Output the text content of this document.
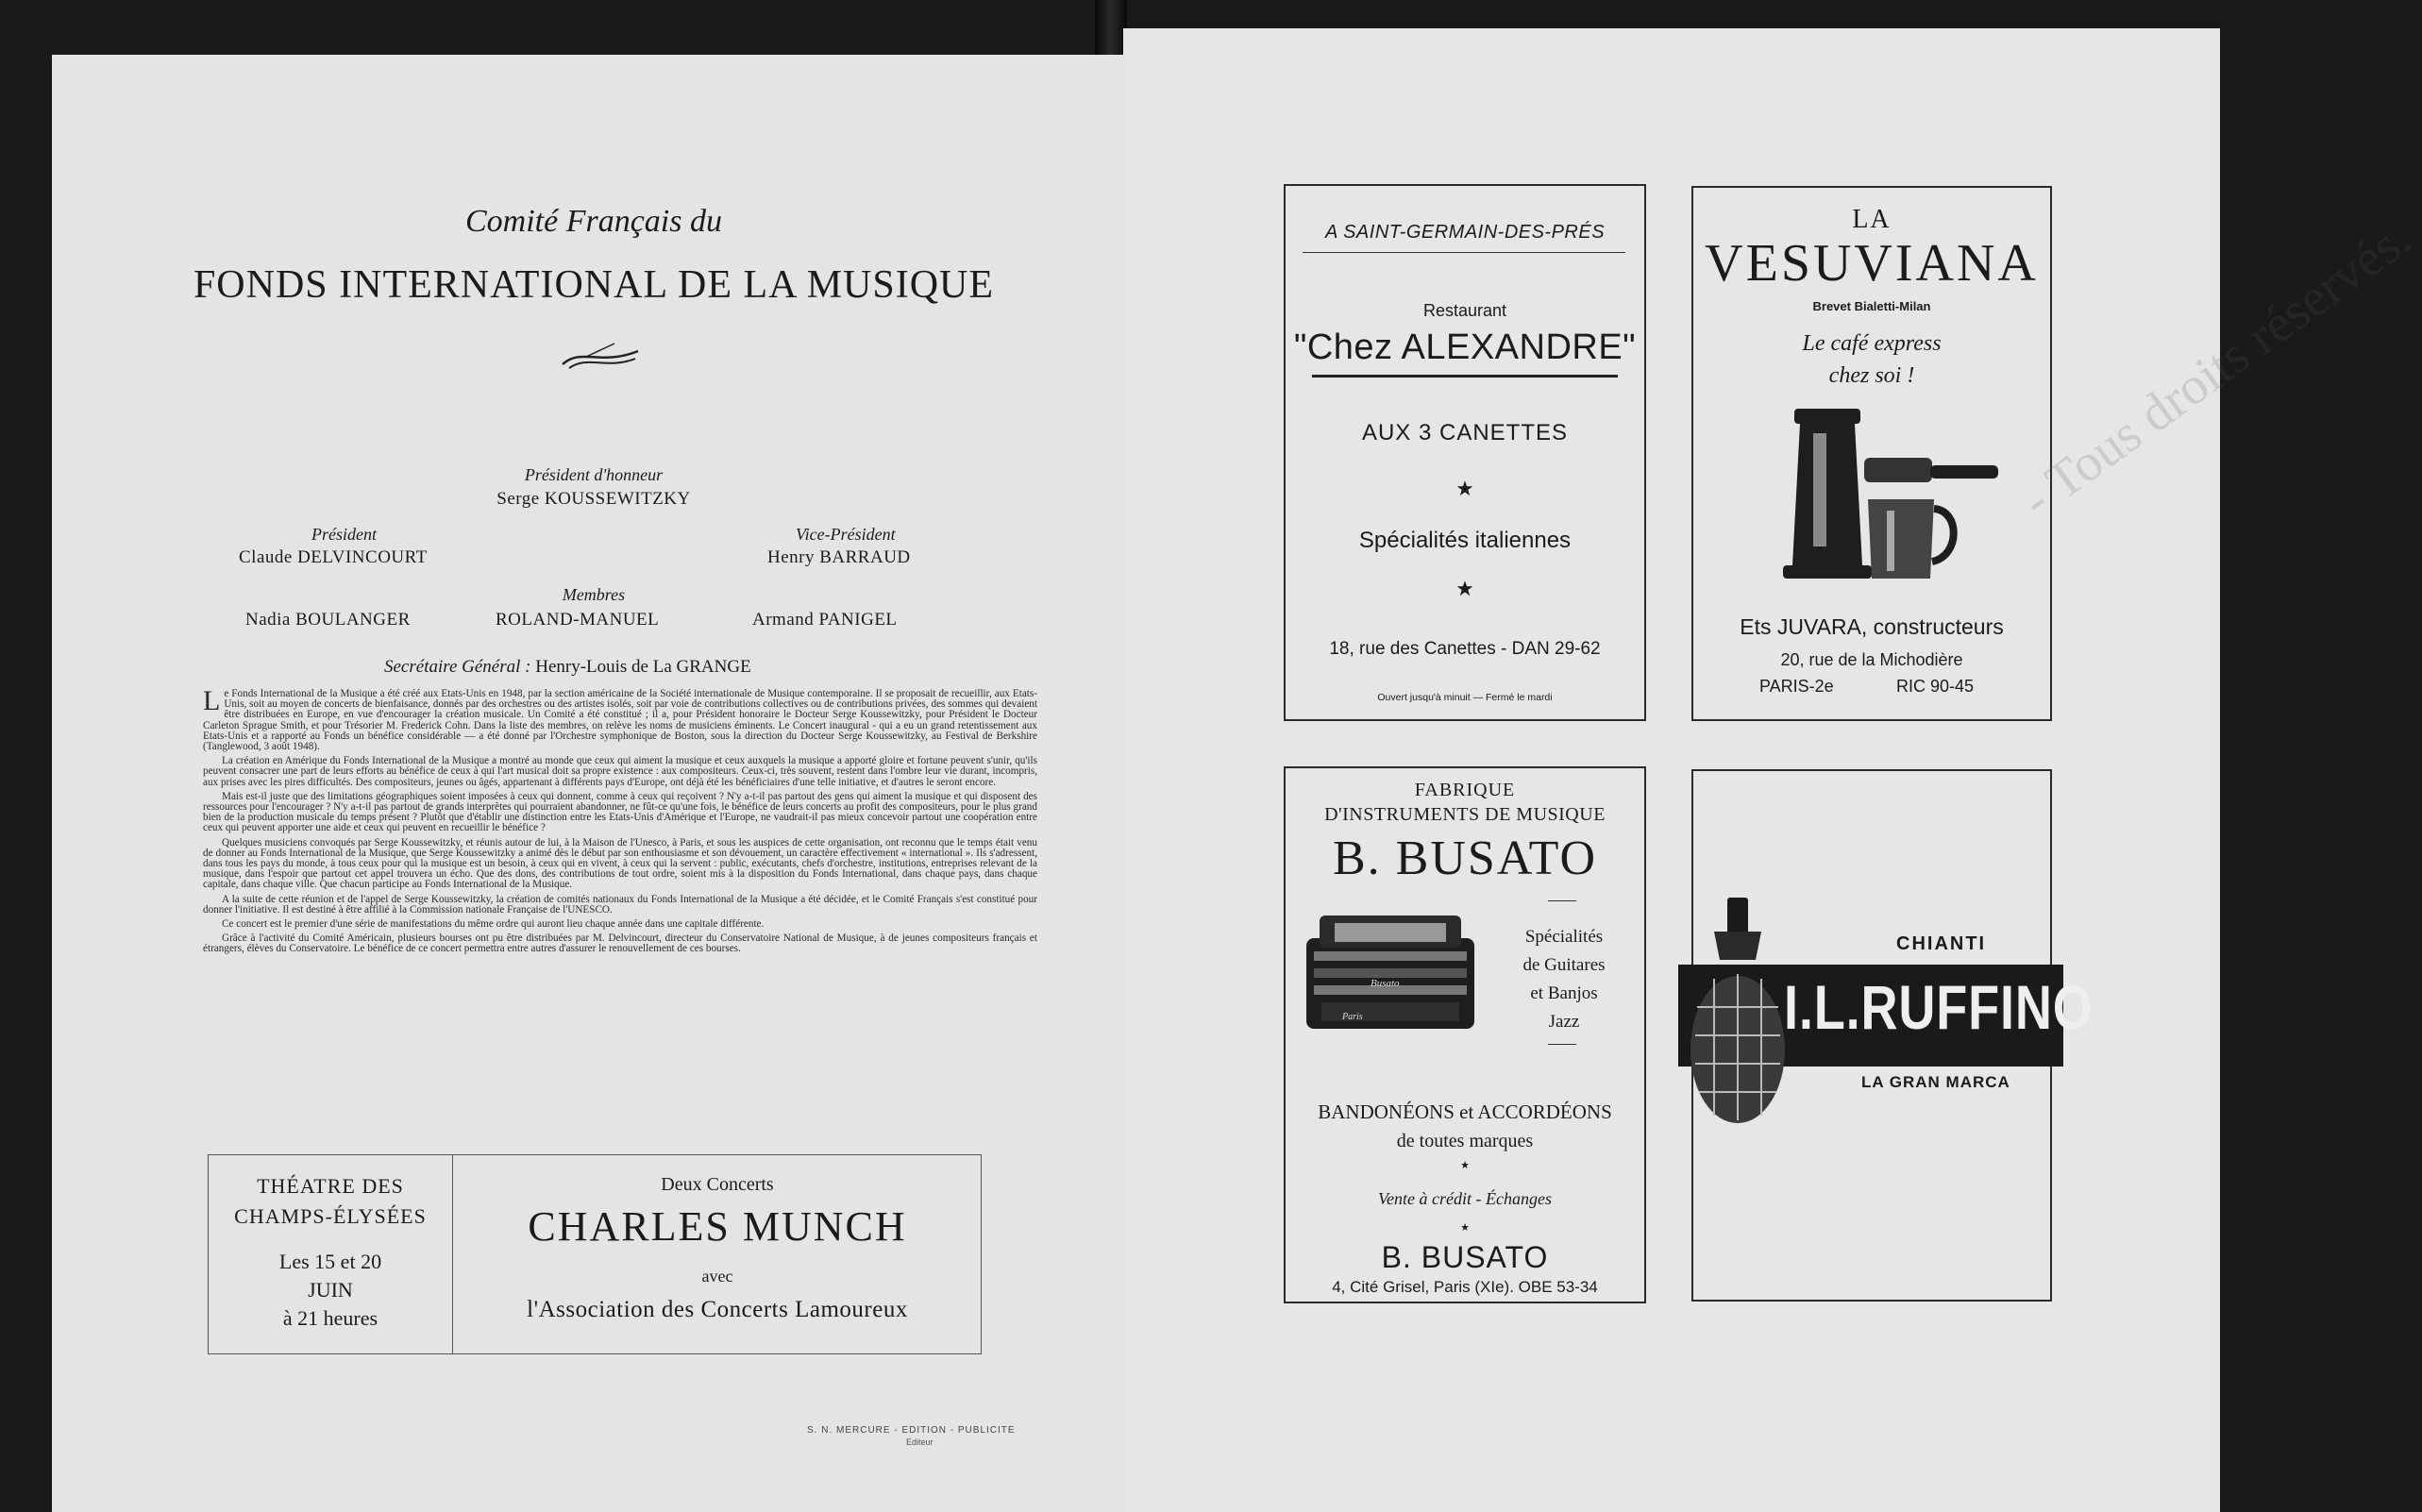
Comité Français du
FONDS INTERNATIONAL DE LA MUSIQUE
Président d'honneur
Serge KOUSSEWITZKY
Président
Claude DELVINCOURT
Vice-Président
Henry BARRAUD
Membres
Nadia BOULANGER	ROLAND-MANUEL	Armand PANIGEL
Secrétaire Général : Henry-Louis de La GRANGE

Le Fonds International de la Musique a été créé aux Etats-Unis en 1948, par la section américaine de la Société internationale de Musique contemporaine. Il se proposait de recueillir, aux Etats-Unis, soit au moyen de concerts de bienfaisance, donnés par des orchestres ou des artistes isolés, soit par voie de contributions collectives ou de contributions privées, des sommes qui devaient être distribuées en Europe, en vue d'encourager la création musicale. Un Comité a été constitué ; il a, pour Président honoraire le Docteur Serge Koussewitzky, pour Président le Docteur Carleton Sprague Smith, et pour Trésorier M. Frederick Cohn. Dans la liste des membres, on relève les noms de musiciens éminents. Le Concert inaugural - qui a eu un grand retentissement aux Etats-Unis et a rapporté au Fonds un bénéfice considérable — a été donné par l'Orchestre symphonique de Boston, sous la direction du Docteur Serge Koussewitzky, au Festival de Berkshire (Tanglewood, 3 août 1948).

La création en Amérique du Fonds International de la Musique a montré au monde que ceux qui aiment la musique et ceux auxquels la musique a apporté gloire et fortune peuvent s'unir, qu'ils peuvent consacrer une part de leurs efforts au bénéfice de ceux à qui l'art musical doit sa propre existence : aux compositeurs. Ceux-ci, très souvent, restent dans l'ombre leur vie durant, incompris, aux prises avec les pires difficultés. Des compositeurs, jeunes ou âgés, appartenant à différents pays d'Europe, ont déjà été les bénéficiaires d'une telle initiative, et d'autres le seront encore.

Mais est-il juste que des limitations géographiques soient imposées à ceux qui donnent, comme à ceux qui reçoivent ? N'y a-t-il pas partout des gens qui aiment la musique et qui disposent des ressources pour l'encourager ? N'y a-t-il pas partout de grands interprètes qui pourraient abandonner, ne fût-ce qu'une fois, le bénéfice de leurs concerts au profit des compositeurs, pour le plus grand bien de la production musicale du temps présent ? Plutôt que d'établir une distinction entre les Etats-Unis d'Amérique et l'Europe, ne vaudrait-il pas mieux concevoir partout une coopération entre ceux qui peuvent apporter une aide et ceux qui peuvent en recueillir le bénéfice ?

Quelques musiciens convoqués par Serge Koussewitzky, et réunis autour de lui, à la Maison de l'Unesco, à Paris, et sous les auspices de cette organisation, ont reconnu que le temps était venu de donner au Fonds International de la Musique, que Serge Koussewitzky a animé dès le début par son enthousiasme et son dévouement, un caractère effectivement « international ». Ils s'adressent, dans tous les pays du monde, à tous ceux pour qui la musique est un besoin, à ceux qui en vivent, à ceux qui la servent : public, exécutants, chefs d'orchestre, institutions, entreprises relevant de la musique, dans l'espoir que partout cet appel trouvera un écho. Que des dons, des contributions de tout ordre, soient mis à la disposition du Fonds International, dans chaque pays, dans chaque capitale, dans chaque ville. Que chacun participe au Fonds International de la Musique.

A la suite de cette réunion et de l'appel de Serge Koussewitzky, la création de comités nationaux du Fonds International de la Musique a été décidée, et le Comité Français s'est constitué pour donner l'initiative. Il est destiné à être affilié à la Commission nationale Française de l'UNESCO.

Ce concert est le premier d'une série de manifestations du même ordre qui auront lieu chaque année dans une capitale différente.

Grâce à l'activité du Comité Américain, plusieurs bourses ont pu être distribuées par M. Delvincourt, directeur du Conservatoire National de Musique, à de jeunes compositeurs français et étrangers, élèves du Conservatoire. Le bénéfice de ce concert permettra entre autres d'assurer le renouvellement de ces bourses.

THÉATRE DES
CHAMPS-ÉLYSÉES
Les 15 et 20
JUIN
à 21 heures
Deux Concerts
CHARLES MUNCH
avec
l'Association des Concerts Lamoureux
S. N. MERCURE - EDITION - PUBLICITE
Editeur
A SAINT-GERMAIN-DES-PRÉS
Restaurant
"Chez ALEXANDRE"
AUX 3 CANETTES
★
Spécialités italiennes
★
18, rue des Canettes - DAN 29-62
Ouvert jusqu'à minuit — Fermé le mardi
LA
VESUVIANA
Brevet Bialetti-Milan
Le café express
chez soi !
Ets JUVARA, constructeurs
20, rue de la Michodière
PARIS-2e	RIC 90-45
FABRIQUE
D'INSTRUMENTS DE MUSIQUE
B. BUSATO
Busato
Paris
Spécialités
de Guitares
et Banjos
Jazz
BANDONÉONS et ACCORDÉONS
de toutes marques
★
Vente à crédit - Échanges
★
B. BUSATO
4, Cité Grisel, Paris (XIe). OBE 53-34
CHIANTI
I.L.RUFFINO
LA GRAN MARCA
- Tous droits réservés.
